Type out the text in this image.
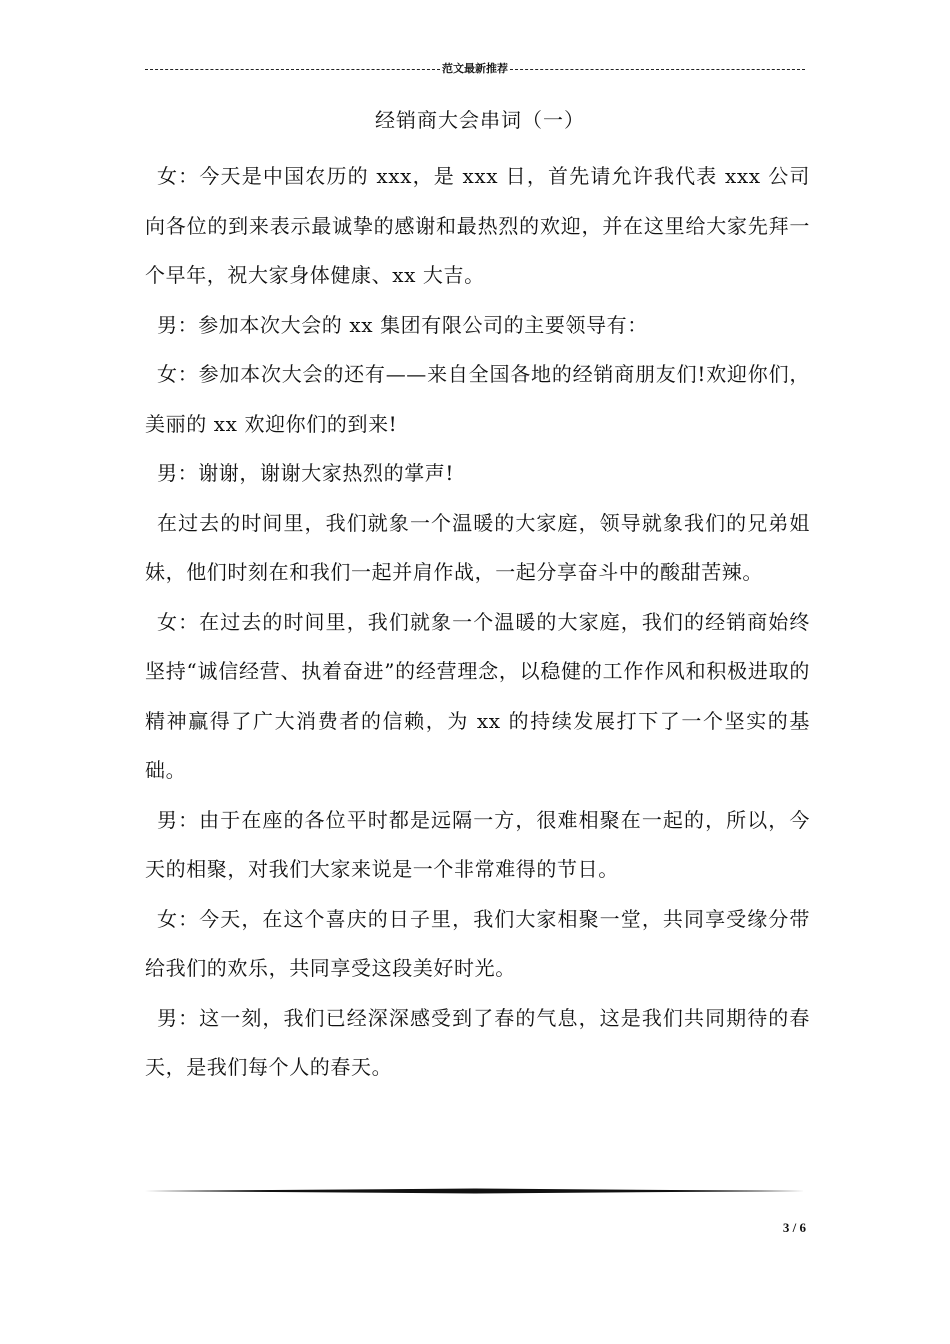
范文最新推荐
经销商大会串词（一）

女：今天是中国农历的 xxx，是 xxx 日，首先请允许我代表 xxx 公司向各位的到来表示最诚挚的感谢和最热烈的欢迎，并在这里给大家先拜一个早年，祝大家身体健康、xx 大吉。

男：参加本次大会的 xx 集团有限公司的主要领导有：

女：参加本次大会的还有——来自全国各地的经销商朋友们!欢迎你们，美丽的 xx 欢迎你们的到来!

男：谢谢，谢谢大家热烈的掌声!

在过去的时间里，我们就象一个温暖的大家庭，领导就象我们的兄弟姐妹，他们时刻在和我们一起并肩作战，一起分享奋斗中的酸甜苦辣。

女：在过去的时间里，我们就象一个温暖的大家庭，我们的经销商始终坚持“诚信经营、执着奋进”的经营理念，以稳健的工作作风和积极进取的精神赢得了广大消费者的信赖，为 xx 的持续发展打下了一个坚实的基础。

男：由于在座的各位平时都是远隔一方，很难相聚在一起的，所以，今天的相聚，对我们大家来说是一个非常难得的节日。

女：今天，在这个喜庆的日子里，我们大家相聚一堂，共同享受缘分带给我们的欢乐，共同享受这段美好时光。

男：这一刻，我们已经深深感受到了春的气息，这是我们共同期待的春天，是我们每个人的春天。

3 / 6
